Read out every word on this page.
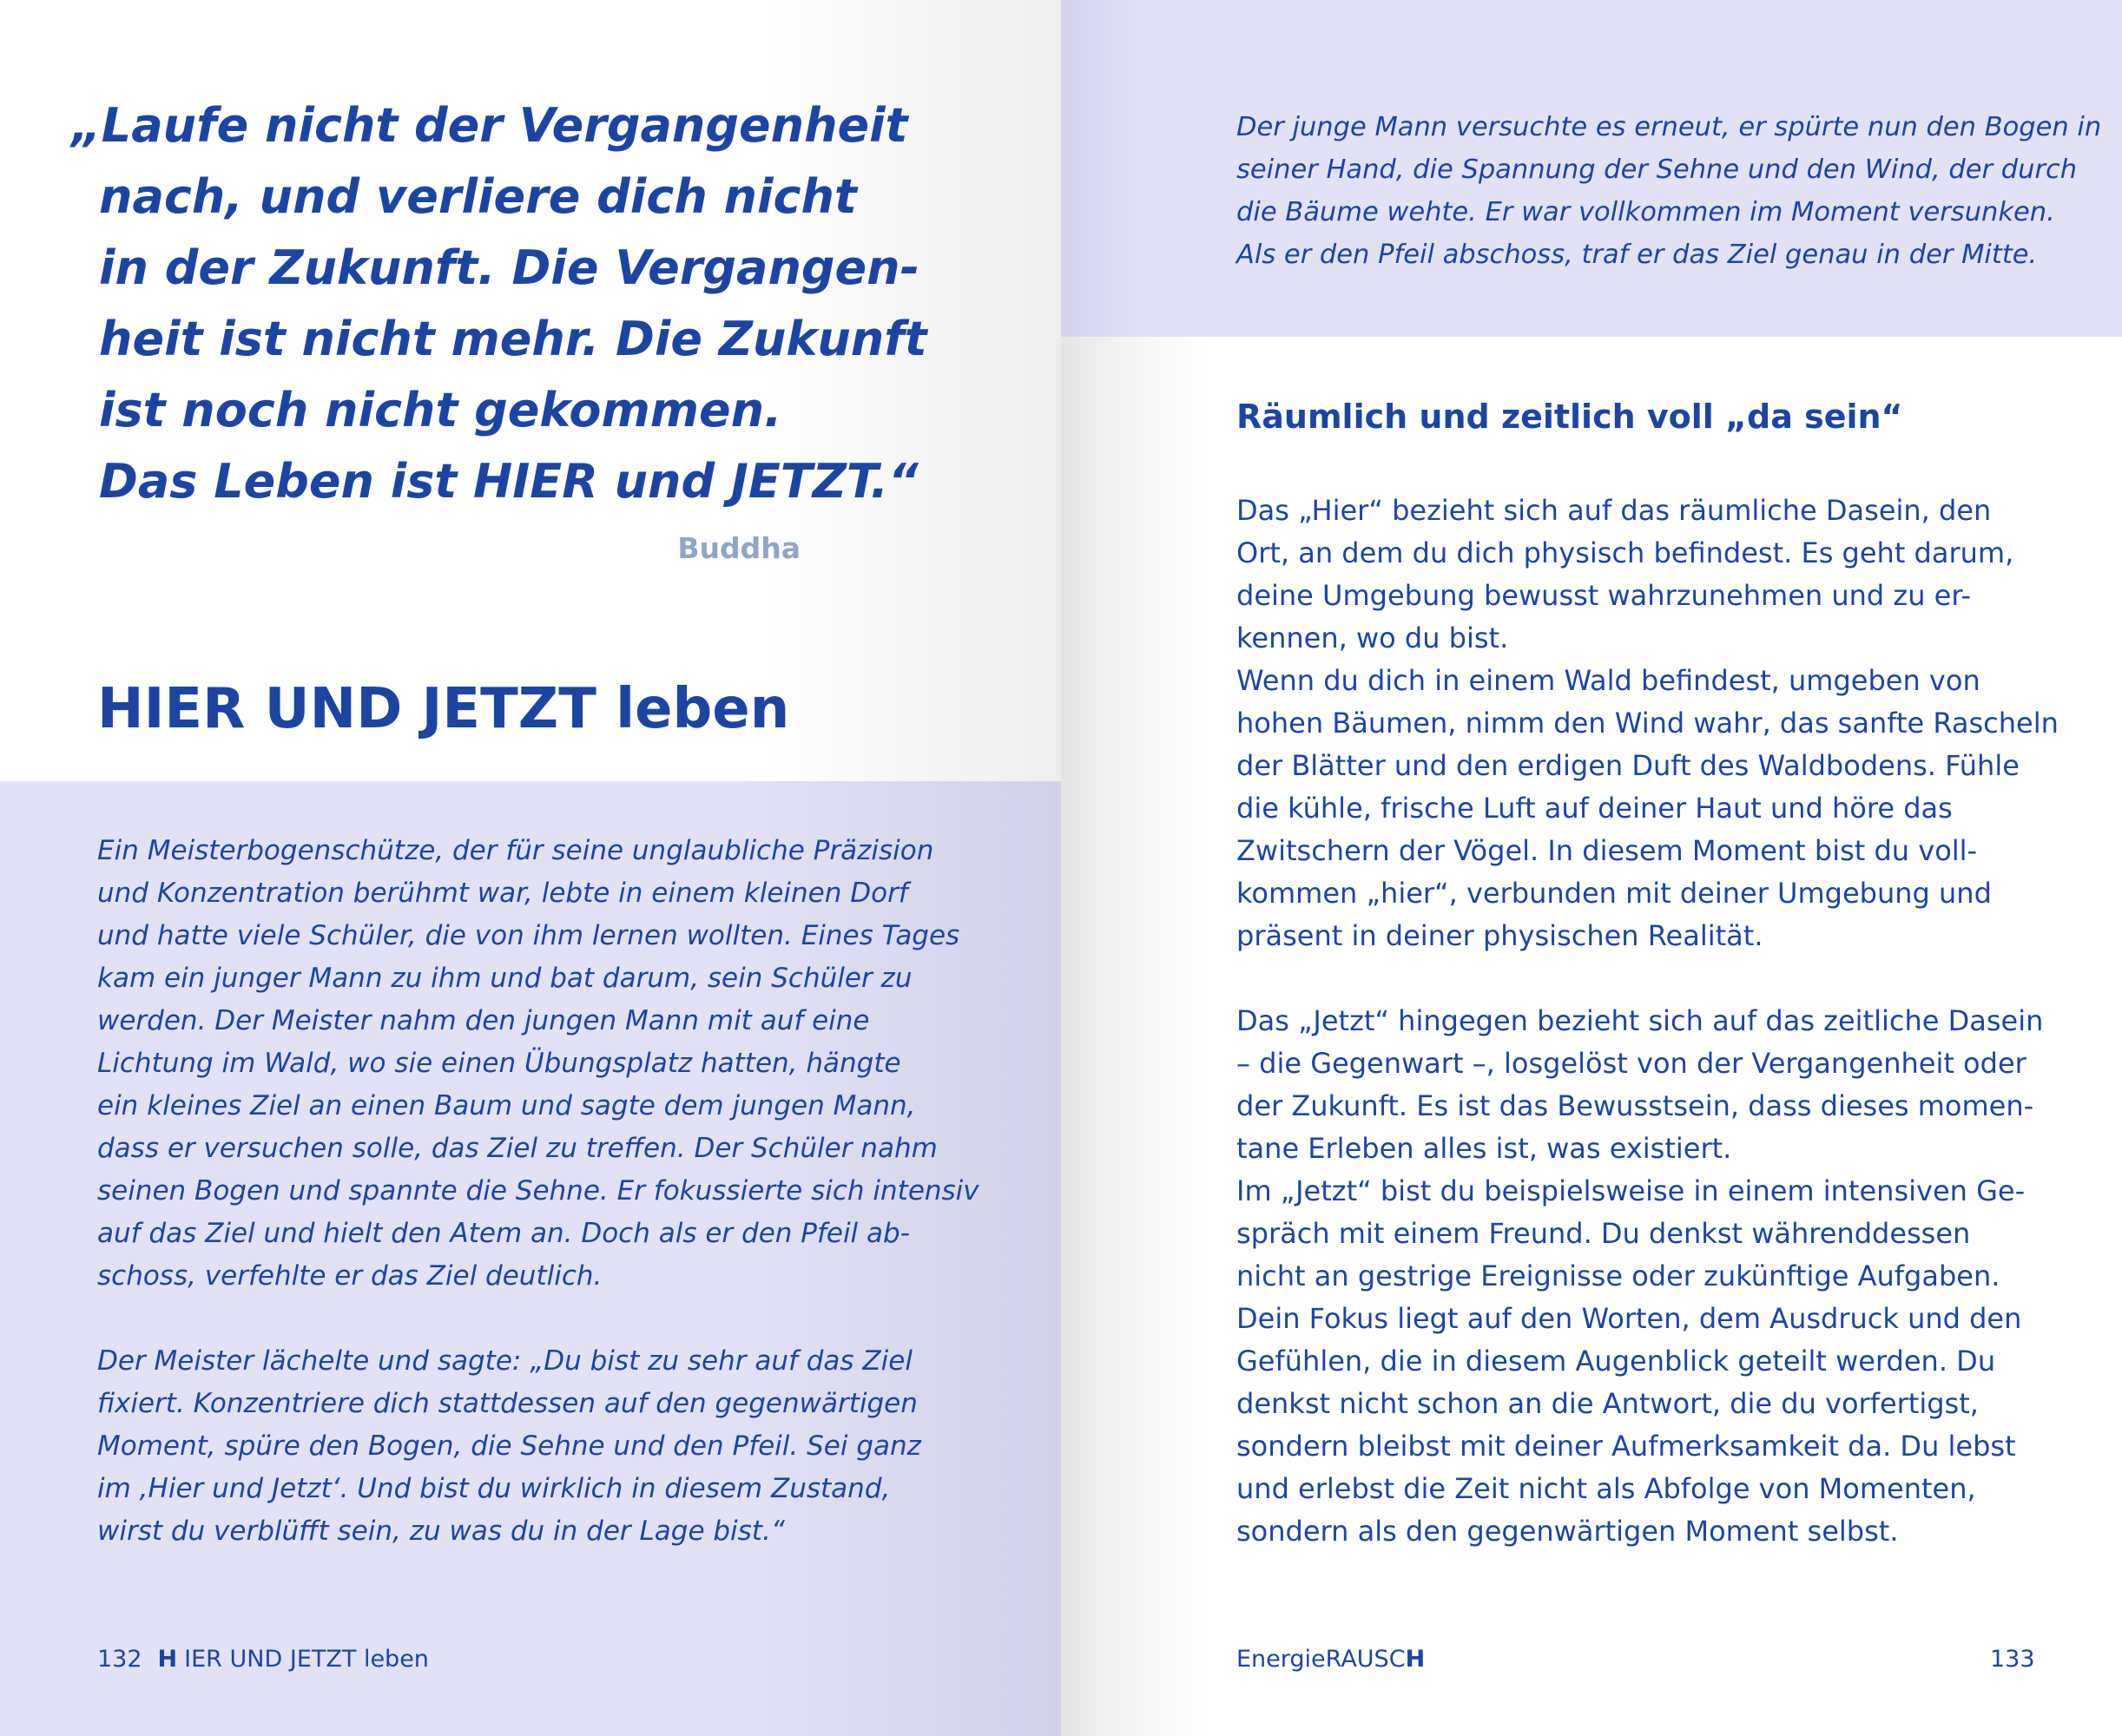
„Laufe nicht der Vergangenheit
nach, und verliere dich nicht
in der Zukunft. Die Vergangen-
heit ist nicht mehr. Die Zukunft
ist noch nicht gekommen.
Das Leben ist HIER und JETZT.“
Buddha
HIER UND JETZT leben
Ein Meisterbogenschütze, der für seine unglaubliche Präzision
und Konzentration berühmt war, lebte in einem kleinen Dorf
und hatte viele Schüler, die von ihm lernen wollten. Eines Tages
kam ein junger Mann zu ihm und bat darum, sein Schüler zu
werden. Der Meister nahm den jungen Mann mit auf eine
Lichtung im Wald, wo sie einen Übungsplatz hatten, hängte
ein kleines Ziel an einen Baum und sagte dem jungen Mann,
dass er versuchen solle, das Ziel zu treffen. Der Schüler nahm
seinen Bogen und spannte die Sehne. Er fokussierte sich intensiv
auf das Ziel und hielt den Atem an. Doch als er den Pfeil ab-
schoss, verfehlte er das Ziel deutlich.
Der Meister lächelte und sagte: „Du bist zu sehr auf das Ziel
fixiert. Konzentriere dich stattdessen auf den gegenwärtigen
Moment, spüre den Bogen, die Sehne und den Pfeil. Sei ganz
im ‚Hier und Jetzt‘. Und bist du wirklich in diesem Zustand,
wirst du verblüfft sein, zu was du in der Lage bist.“
132 H IER UND JETZT leben
Der junge Mann versuchte es erneut, er spürte nun den Bogen in
seiner Hand, die Spannung der Sehne und den Wind, der durch
die Bäume wehte. Er war vollkommen im Moment versunken.
Als er den Pfeil abschoss, traf er das Ziel genau in der Mitte.
Räumlich und zeitlich voll „da sein“
Das „Hier“ bezieht sich auf das räumliche Dasein, den
Ort, an dem du dich physisch befindest. Es geht darum,
deine Umgebung bewusst wahrzunehmen und zu er-
kennen, wo du bist.
Wenn du dich in einem Wald befindest, umgeben von
hohen Bäumen, nimm den Wind wahr, das sanfte Rascheln
der Blätter und den erdigen Duft des Waldbodens. Fühle
die kühle, frische Luft auf deiner Haut und höre das
Zwitschern der Vögel. In diesem Moment bist du voll-
kommen „hier“, verbunden mit deiner Umgebung und
präsent in deiner physischen Realität.
Das „Jetzt“ hingegen bezieht sich auf das zeitliche Dasein
– die Gegenwart –, losgelöst von der Vergangenheit oder
der Zukunft. Es ist das Bewusstsein, dass dieses momen-
tane Erleben alles ist, was existiert.
Im „Jetzt“ bist du beispielsweise in einem intensiven Ge-
spräch mit einem Freund. Du denkst währenddessen
nicht an gestrige Ereignisse oder zukünftige Aufgaben.
Dein Fokus liegt auf den Worten, dem Ausdruck und den
Gefühlen, die in diesem Augenblick geteilt werden. Du
denkst nicht schon an die Antwort, die du vorfertigst,
sondern bleibst mit deiner Aufmerksamkeit da. Du lebst
und erlebst die Zeit nicht als Abfolge von Momenten,
sondern als den gegenwärtigen Moment selbst.
EnergieRAUSCH	133
